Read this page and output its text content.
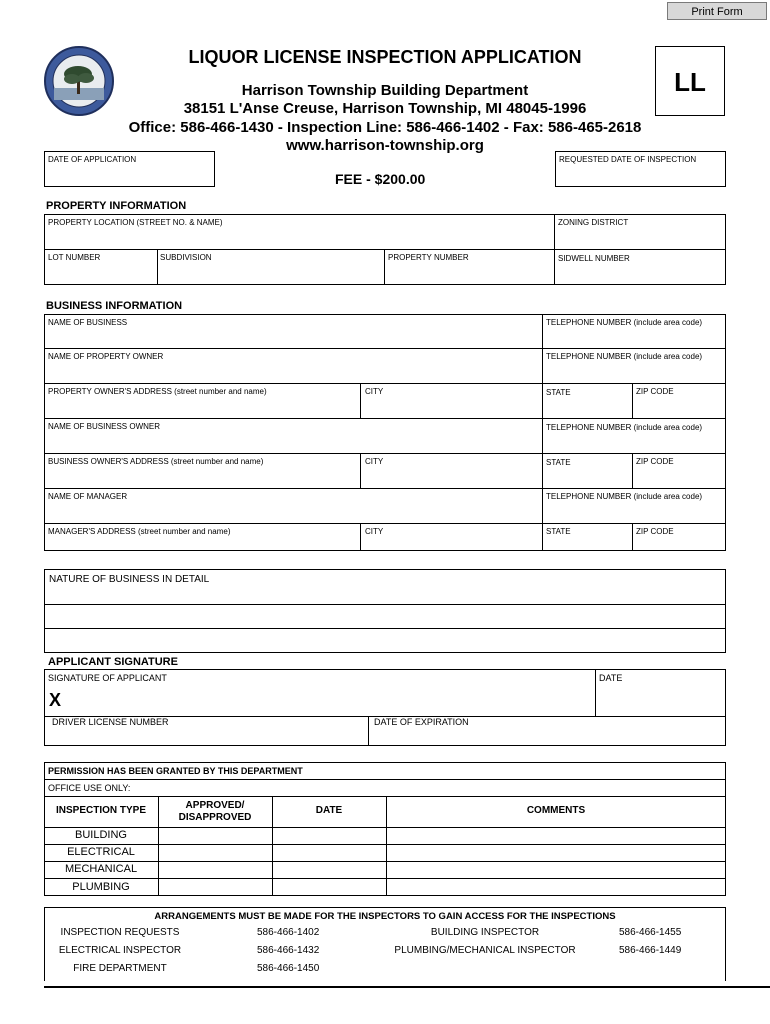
Print Form
LIQUOR LICENSE INSPECTION APPLICATION
Harrison Township Building Department
38151 L'Anse Creuse, Harrison Township, MI 48045-1996
Office: 586-466-1430 - Inspection Line: 586-466-1402 - Fax: 586-465-2618
www.harrison-township.org
LL
DATE OF APPLICATION	REQUESTED DATE OF INSPECTION
FEE - $200.00
PROPERTY INFORMATION
PROPERTY LOCATION (STREET NO. & NAME)	ZONING DISTRICT
LOT NUMBER	SUBDIVISION	PROPERTY NUMBER	SIDWELL NUMBER
BUSINESS INFORMATION
NAME OF BUSINESS	TELEPHONE NUMBER (include area code)
NAME OF PROPERTY OWNER	TELEPHONE NUMBER (include area code)
PROPERTY OWNER'S ADDRESS (street number and name)	CITY	STATE	ZIP CODE
NAME OF BUSINESS OWNER	TELEPHONE NUMBER (include area code)
BUSINESS OWNER'S ADDRESS (street number and name)	CITY	STATE	ZIP CODE
NAME OF MANAGER	TELEPHONE NUMBER (include area code)
MANAGER'S ADDRESS (street number and name)	CITY	STATE	ZIP CODE
NATURE OF BUSINESS IN DETAIL
APPLICANT SIGNATURE
SIGNATURE OF APPLICANT
X
DATE
DRIVER LICENSE NUMBER	DATE OF EXPIRATION
PERMISSION HAS BEEN GRANTED BY THIS DEPARTMENT
OFFICE USE ONLY:
INSPECTION TYPE	APPROVED/
DISAPPROVED
DATE	COMMENTS
BUILDING
ELECTRICAL
MECHANICAL
PLUMBING
ARRANGEMENTS MUST BE MADE FOR THE INSPECTORS TO GAIN ACCESS FOR THE INSPECTIONS
INSPECTION REQUESTS	586-466-1402	BUILDING INSPECTOR	586-466-1455
ELECTRICAL INSPECTOR	586-466-1432	PLUMBING/MECHANICAL INSPECTOR	586-466-1449
FIRE DEPARTMENT	586-466-1450
